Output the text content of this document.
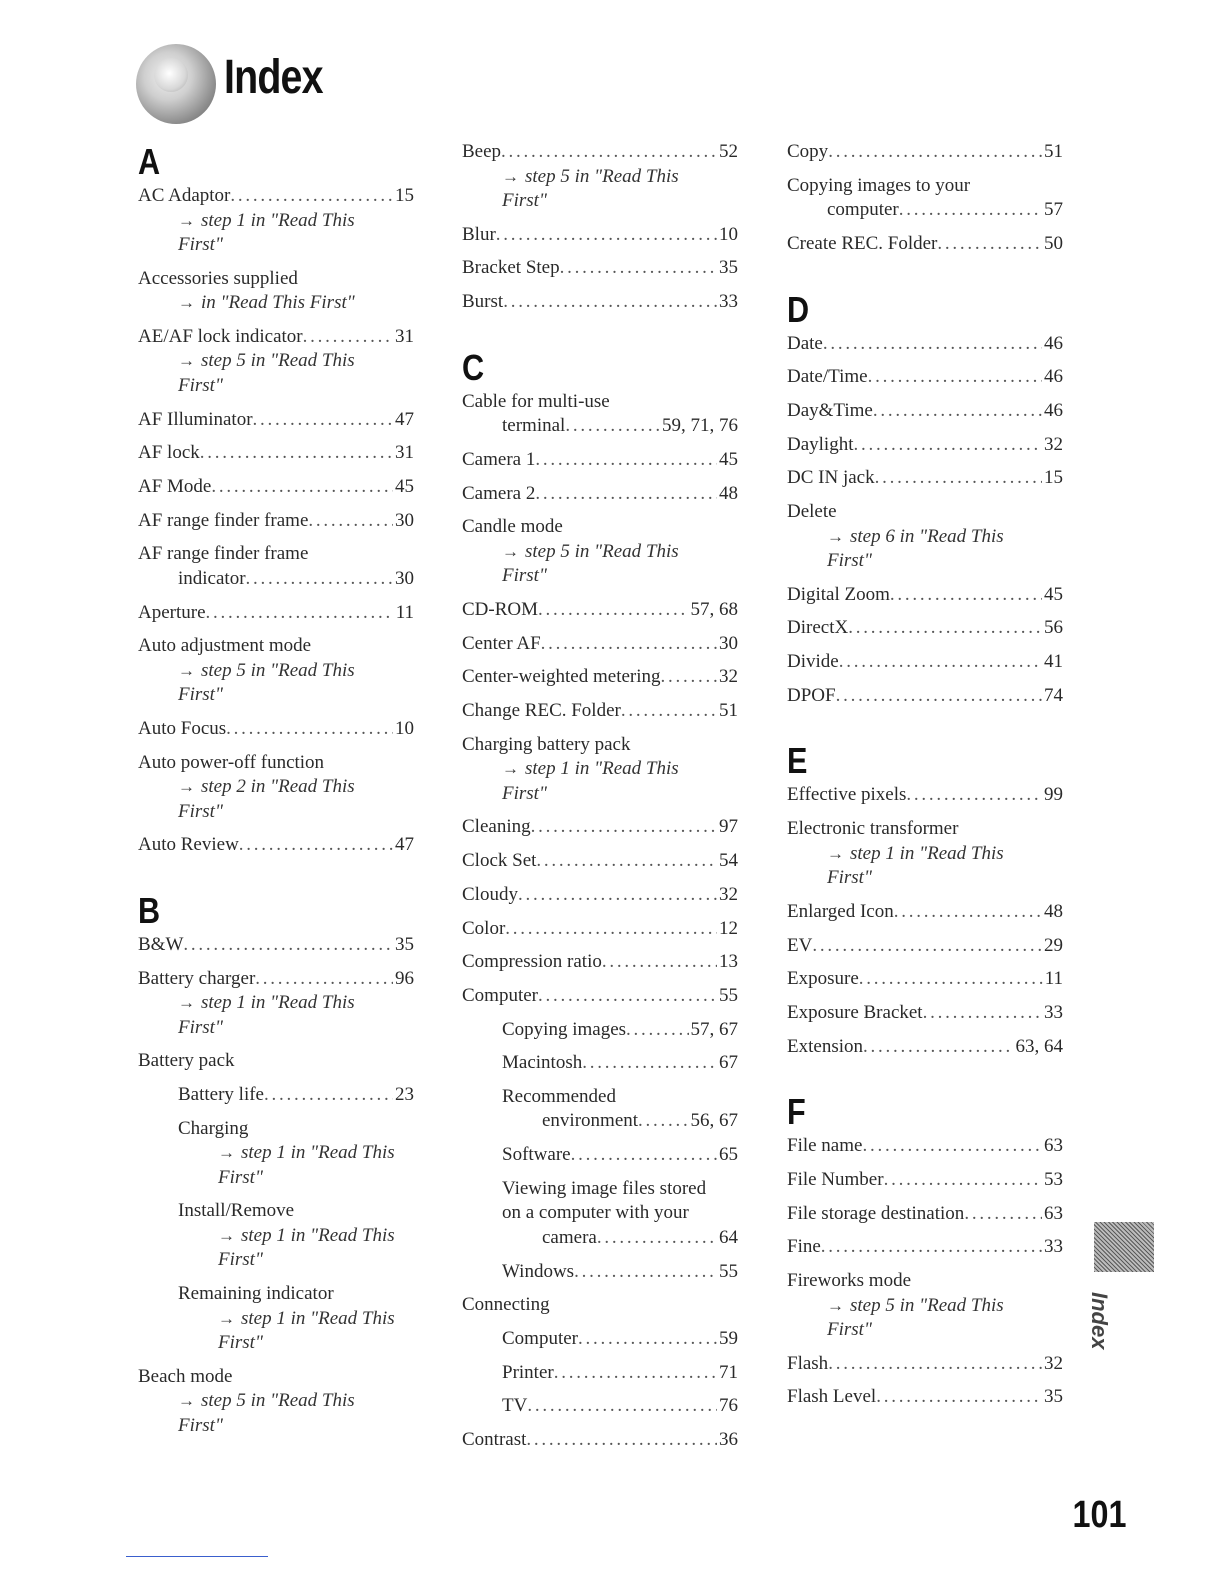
Index
A
AC Adaptor . . .	15
→ step 1 in "Read This
First"
Accessories supplied
→ in "Read This First"
AE/AF lock indicator . . .	31
→ step 5 in "Read This
First"
AF Illuminator . . .	47
AF lock . . .	31
AF Mode . . .	45
AF range finder frame . . .	30
AF range finder frame
indicator . . .	30
Aperture . . .	11
Auto adjustment mode
→ step 5 in "Read This
First"
Auto Focus . . .	10
Auto power-off function
→ step 2 in "Read This
First"
Auto Review . . .	47
B
B&W . . .	35
Battery charger . . .	96
→ step 1 in "Read This
First"
Battery pack
Battery life . . .	23
Charging
→ step 1 in "Read This
First"
Install/Remove
→ step 1 in "Read This
First"
Remaining indicator
→ step 1 in "Read This
First"
Beach mode
→ step 5 in "Read This
First"
Beep . . .	52
→ step 5 in "Read This
First"
Blur . . .	10
Bracket Step . . .	35
Burst . . .	33
C
Cable for multi-use
terminal . . .	59, 71, 76
Camera 1 . . .	45
Camera 2 . . .	48
Candle mode
→ step 5 in "Read This
First"
CD-ROM . . .	57, 68
Center AF . . .	30
Center-weighted metering . . .	32
Change REC. Folder . . .	51
Charging battery pack
→ step 1 in "Read This
First"
Cleaning . . .	97
Clock Set . . .	54
Cloudy . . .	32
Color . . .	12
Compression ratio . . .	13
Computer . . .	55
Copying images . . .	57, 67
Macintosh . . .	67
Recommended
environment . . .	56, 67
Software . . .	65
Viewing image files stored
on a computer with your
camera . . .	64
Windows . . .	55
Connecting
Computer . . .	59
Printer . . .	71
TV . . .	76
Contrast . . .	36
Copy . . .	51
Copying images to your
computer . . .	57
Create REC. Folder . . .	50
D
Date . . .	46
Date/Time . . .	46
Day&Time . . .	46
Daylight . . .	32
DC IN jack . . .	15
Delete
→ step 6 in "Read This
First"
Digital Zoom . . .	45
DirectX . . .	56
Divide . . .	41
DPOF . . .	74
E
Effective pixels . . .	99
Electronic transformer
→ step 1 in "Read This
First"
Enlarged Icon . . .	48
EV . . .	29
Exposure . . .	11
Exposure Bracket . . .	33
Extension . . .	63, 64
F
File name . . .	63
File Number . . .	53
File storage destination . . .	63
Fine . . .	33
Fireworks mode
→ step 5 in "Read This
First"
Flash . . .	32
Flash Level . . .	35
Index
101
